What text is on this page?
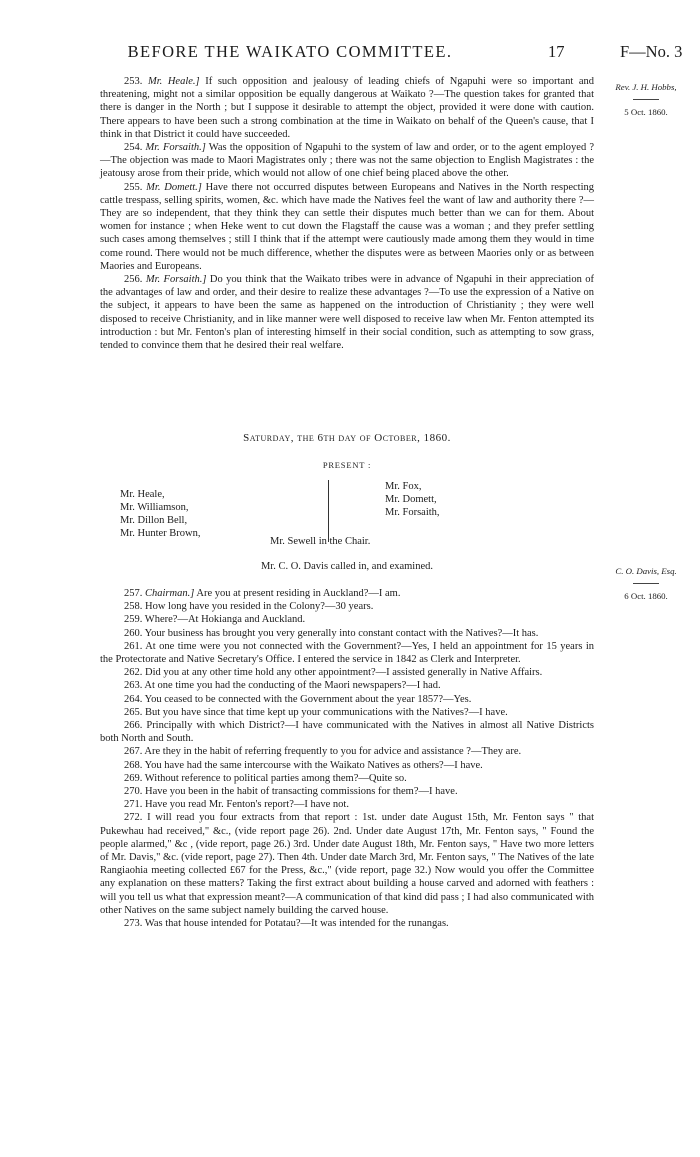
BEFORE THE WAIKATO COMMITTEE.	17	F—No. 3
Rev. J. H. Hobbs,
5 Oct. 1860.
C. O. Davis, Esq.
6 Oct. 1860.

253. Mr. Heale.] If such opposition and jealousy of leading chiefs of Ngapuhi were so important and threatening, might not a similar opposition be equally dangerous at Waikato ?—The question takes for granted that there is danger in the North ; but I suppose it desirable to attempt the object, provided it were done with caution. There appears to have been such a strong combination at the time in Waikato on behalf of the Queen's cause, that I think in that District it could have succeeded.

254. Mr. Forsaith.] Was the opposition of Ngapuhi to the system of law and order, or to the agent employed ?—The objection was made to Maori Magistrates only ; there was not the same objection to English Magistrates : the jeatousy arose from their pride, which would not allow of one chief being placed above the other.

255. Mr. Domett.] Have there not occurred disputes between Europeans and Natives in the North respecting cattle trespass, selling spirits, women, &c. which have made the Natives feel the want of law and authority there ?—They are so independent, that they think they can settle their disputes much better than we can for them. About women for instance ; when Heke went to cut down the Flagstaff the cause was a woman ; and they prefer settling such cases among themselves ; still I think that if the attempt were cautiously made among them they would in time come round. There would not be much difference, whether the disputes were as between Maories only or as between Maories and Europeans.

256. Mr. Forsaith.] Do you think that the Waikato tribes were in advance of Ngapuhi in their appreciation of the advantages of law and order, and their desire to realize these advantages ?—To use the expression of a Native on the subject, it appears to have been the same as happened on the introduction of Christianity ; they were well disposed to receive Christianity, and in like manner were well disposed to receive law when Mr. Fenton attempted its introduction : but Mr. Fenton's plan of interesting himself in their social condition, such as attempting to sow grass, tended to convince them that he desired their real welfare.

Saturday, the 6th day of October, 1860.
PRESENT :
Mr. Heale,
Mr. Williamson,
Mr. Dillon Bell,
Mr. Hunter Brown,
Mr. Fox,
Mr. Domett,
Mr. Forsaith,
Mr. Sewell in the Chair.
Mr. C. O. Davis called in, and examined.

257. Chairman.] Are you at present residing in Auckland?—I am.

258. How long have you resided in the Colony?—30 years.

259. Where?—At Hokianga and Auckland.

260. Your business has brought you very generally into constant contact with the Natives?—It has.

261. At one time were you not connected with the Government?—Yes, I held an appointment for 15 years in the Protectorate and Native Secretary's Office. I entered the service in 1842 as Clerk and Interpreter.

262. Did you at any other time hold any other appointment?—I assisted generally in Native Affairs.

263. At one time you had the conducting of the Maori newspapers?—I had.

264. You ceased to be connected with the Government about the year 1857?—Yes.

265. But you have since that time kept up your communications with the Natives?—I have.

266. Principally with which District?—I have communicated with the Natives in almost all Native Districts both North and South.

267. Are they in the habit of referring frequently to you for advice and assistance ?—They are.

268. You have had the same intercourse with the Waikato Natives as others?—I have.

269. Without reference to political parties among them?—Quite so.

270. Have you been in the habit of transacting commissions for them?—I have.

271. Have you read Mr. Fenton's report?—I have not.

272. I will read you four extracts from that report : 1st. under date August 15th, Mr. Fenton says " that Pukewhau had received," &c., (vide report page 26). 2nd. Under date August 17th, Mr. Fenton says, " Found the people alarmed," &c , (vide report, page 26.) 3rd. Under date August 18th, Mr. Fenton says, " Have two more letters of Mr. Davis," &c. (vide report, page 27). Then 4th. Under date March 3rd, Mr. Fenton says, " The Natives of the late Rangiaohia meeting collected £67 for the Press, &c.," (vide report, page 32.) Now would you offer the Committee any explanation on these matters? Taking the first extract about building a house carved and adorned with feathers : will you tell us what that expression meant?—A communication of that kind did pass ; I had also communicated with other Natives on the same subject namely building the carved house.

273. Was that house intended for Potatau?—It was intended for the runangas.
